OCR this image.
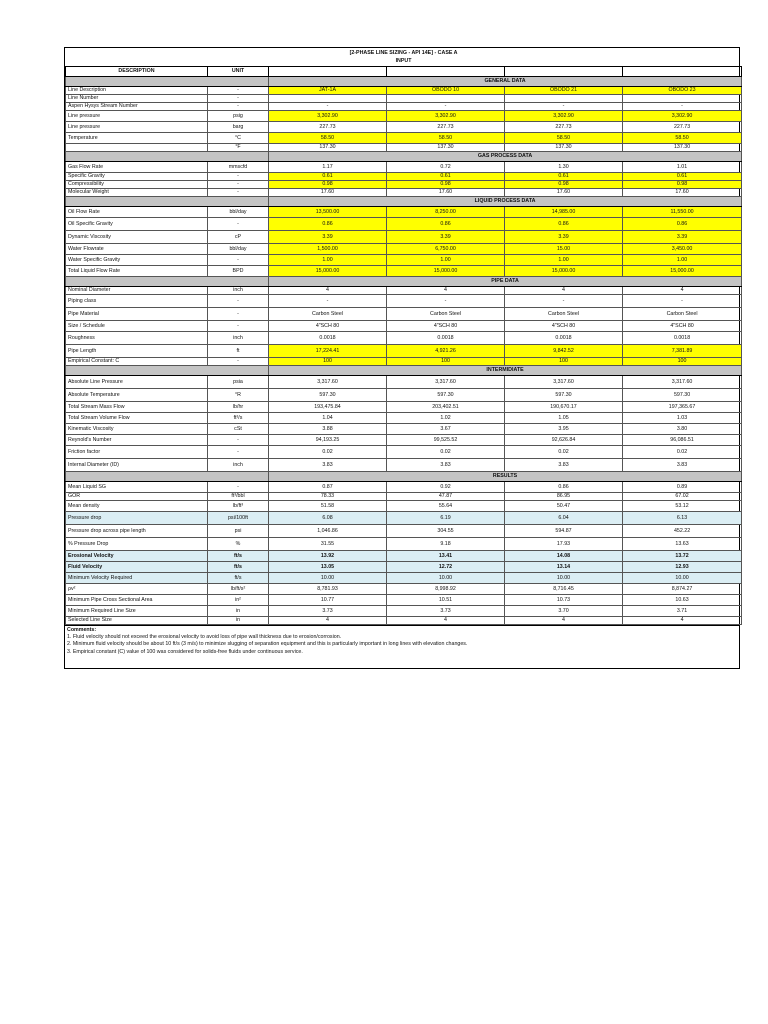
[2-PHASE LINE SIZING - API 14E] - CASE A					
INPUT					
DESCRIPTION	UNIT				
		GENERAL DATA			
Line Description	-	JAT-1A	OBODO 10	OBODO 21	OBODO 23
Line Number	-				
Aspen Hysys Stream Number	-	-	-	-	-
Line pressure	psig	3,302.90	3,302.90	3,302.90	3,302.90
Line pressure	barg	227.73	227.73	227.73	227.73
Temperature	°C	58.50	58.50	58.50	58.50
	°F	137.30	137.30	137.30	137.30
		GAS PROCESS DATA			
Gas Flow Rate	mmscfd	1.17	0.72	1.30	1.01
Specific Gravity	-	0.61	0.61	0.61	0.61
Compressibility	-	0.98	0.98	0.98	0.98
Molecular Weight	-	17.60	17.60	17.60	17.60
		LIQUID PROCESS DATA			
Oil Flow Rate	bbl/day	13,500.00	8,250.00	14,985.00	11,550.00
Oil Specific Gravity	-	0.86	0.86	0.86	0.86
Dynamic Viscosity	cP	3.39	3.39	3.39	3.39
Water Flowrate	bbl/day	1,500.00	6,750.00	15.00	3,450.00
Water Specific Gravity	-	1.00	1.00	1.00	1.00
Total Liquid Flow Rate	BPD	15,000.00	15,000.00	15,000.00	15,000.00
		PIPE DATA			
Nominal Diameter	inch	4	4	4	4
Piping class	-	-	-	-	-
Pipe Material	-	Carbon Steel	Carbon Steel	Carbon Steel	Carbon Steel
Size / Schedule	-	4"SCH 80	4"SCH 80	4"SCH 80	4"SCH 80
Roughness	inch	0.0018	0.0018	0.0018	0.0018
Pipe Length	ft	17,224.41	4,921.26	9,842.52	7,381.89
Empirical Constant: C	-	100	100	100	100
		INTERMIDIATE			
Absolute Line Pressure	psia	3,317.60	3,317.60	3,317.60	3,317.60
Absolute Temperature	°R	597.30	597.30	597.30	597.30
Total Stream Mass Flow	lb/hr	193,475.84	203,402.51	190,670.17	197,365.67
Total Stream Volume Flow	ft³/s	1.04	1.02	1.05	1.03
Kinematic Viscosity	cSt	3.88	3.67	3.95	3.80
Reynold's Number	-	94,193.25	99,525.52	92,626.84	96,086.51
Friction factor	-	0.02	0.02	0.02	0.02
Internal Diameter (ID)	inch	3.83	3.83	3.83	3.83
		RESULTS			
Mean Liquid SG	-	0.87	0.92	0.86	0.89
GOR	ft³/bbl	78.33	47.87	86.95	67.02
Mean density	lb/ft³	51.58	55.64	50.47	53.12
Pressure drop	psi/100ft	6.08	6.19	6.04	6.13
Pressure drop across pipe length	psi	1,046.86	304.55	594.87	452.22
% Pressure Drop	%	31.55	9.18	17.93	13.63
Erosional Velocity	ft/s	13.92	13.41	14.08	13.72
Fluid Velocity	ft/s	13.05	12.72	13.14	12.93
Minimum Velocity Required	ft/s	10.00	10.00	10.00	10.00
ρv²	lb/ft/s²	8,781.93	8,998.92	8,716.45	8,874.27
Minimum Pipe Cross Sectional Area	in²	10.77	10.51	10.73	10.63
Minimum Required Line Size	in	3.73	3.73	3.70	3.71
Selected Line Size	in	4	4	4	4
Comments:
1. Fluid velocity should not exceed the erosional velocity to avoid loss of pipe wall thickness due to erosion/corrosion.
2. Minimum fluid velocity should be about 10 ft/s (3 m/s) to minimize slugging of separation equipment and this is particularly important in long lines with elevation changes.
3. Empirical constant (C) value of 100 was considered for solids-free fluids under continuous service.
